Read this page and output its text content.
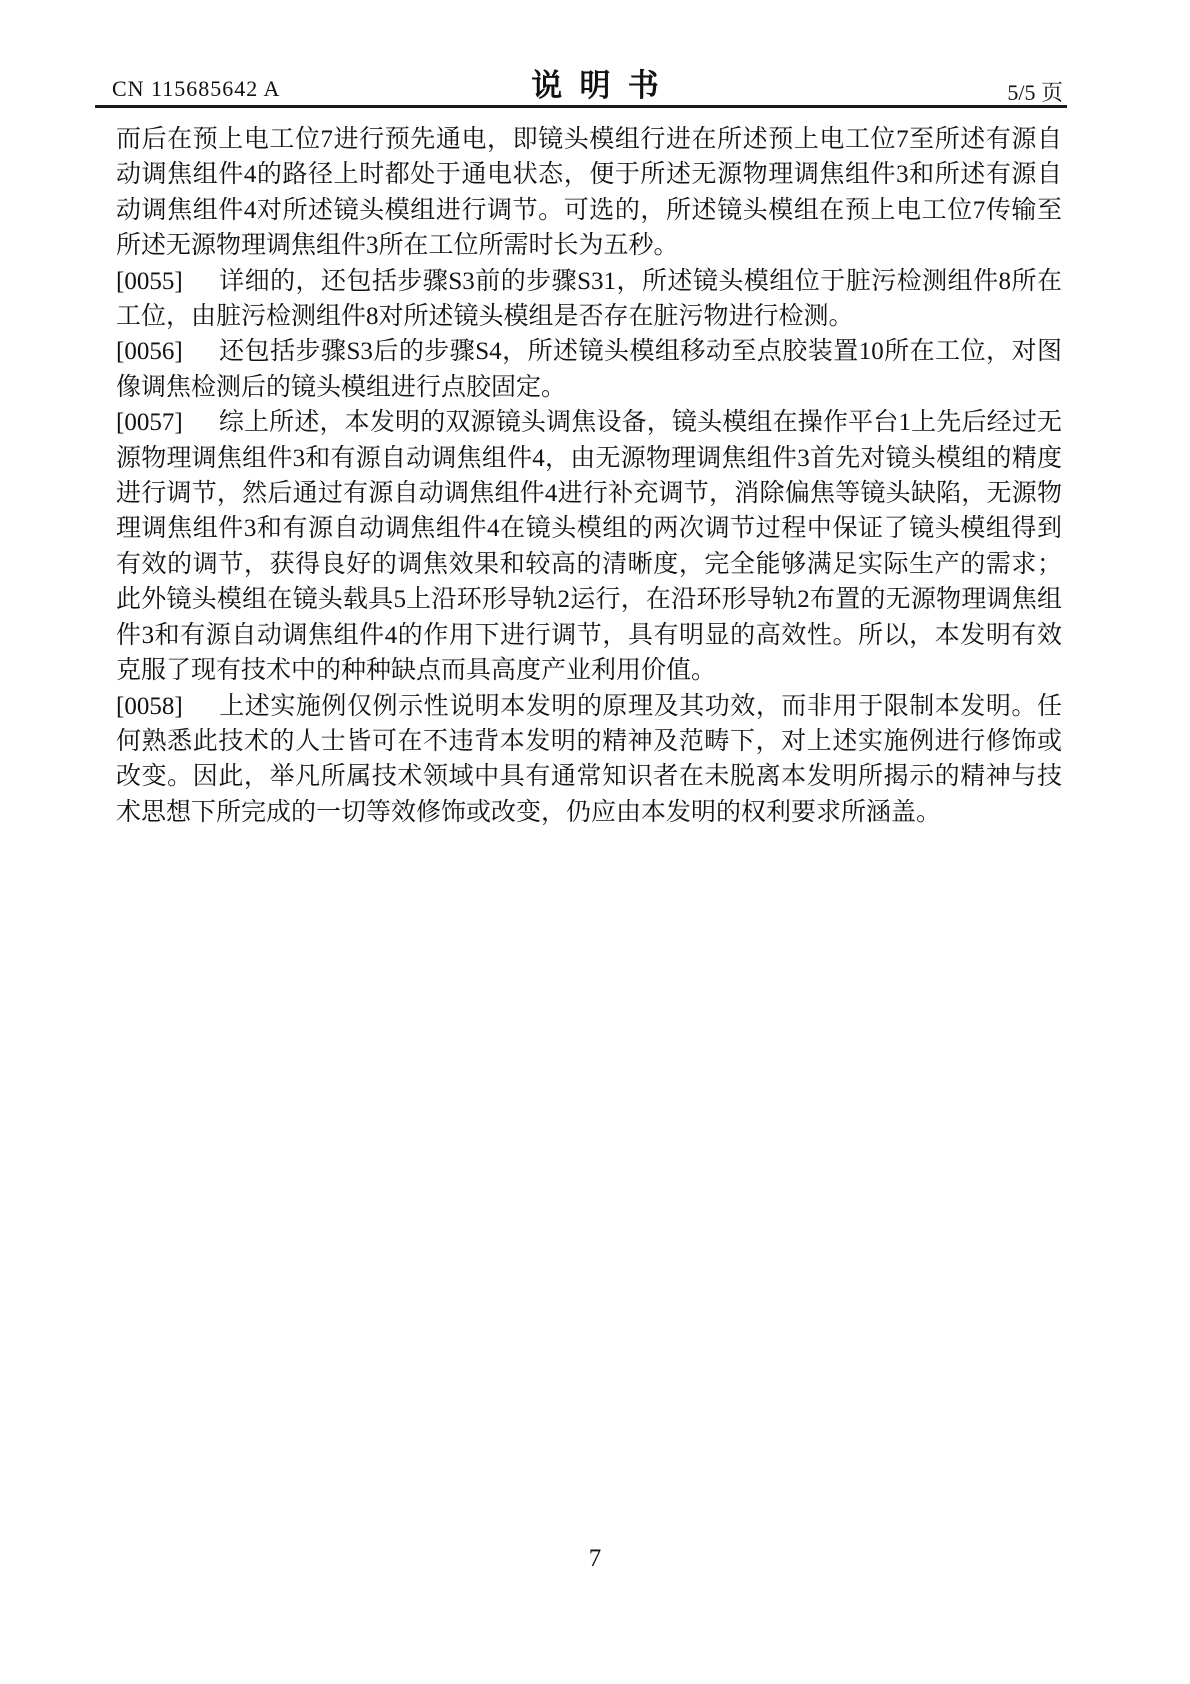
CN 115685642 A	说  明  书	5/5 页

而后在预上电工位7进行预先通电，即镜头模组行进在所述预上电工位7至所述有源自动调焦组件4的路径上时都处于通电状态，便于所述无源物理调焦组件3和所述有源自动调焦组件4对所述镜头模组进行调节。可选的，所述镜头模组在预上电工位7传输至所述无源物理调焦组件3所在工位所需时长为五秒。

[0055] 详细的，还包括步骤S3前的步骤S31，所述镜头模组位于脏污检测组件8所在工位，由脏污检测组件8对所述镜头模组是否存在脏污物进行检测。

[0056] 还包括步骤S3后的步骤S4，所述镜头模组移动至点胶装置10所在工位，对图像调焦检测后的镜头模组进行点胶固定。

[0057] 综上所述，本发明的双源镜头调焦设备，镜头模组在操作平台1上先后经过无源物理调焦组件3和有源自动调焦组件4，由无源物理调焦组件3首先对镜头模组的精度进行调节，然后通过有源自动调焦组件4进行补充调节，消除偏焦等镜头缺陷，无源物理调焦组件3和有源自动调焦组件4在镜头模组的两次调节过程中保证了镜头模组得到有效的调节，获得良好的调焦效果和较高的清晰度，完全能够满足实际生产的需求；此外镜头模组在镜头载具5上沿环形导轨2运行，在沿环形导轨2布置的无源物理调焦组件3和有源自动调焦组件4的作用下进行调节，具有明显的高效性。所以，本发明有效克服了现有技术中的种种缺点而具高度产业利用价值。

[0058] 上述实施例仅例示性说明本发明的原理及其功效，而非用于限制本发明。任何熟悉此技术的人士皆可在不违背本发明的精神及范畴下，对上述实施例进行修饰或改变。因此，举凡所属技术领域中具有通常知识者在未脱离本发明所揭示的精神与技术思想下所完成的一切等效修饰或改变，仍应由本发明的权利要求所涵盖。

7
